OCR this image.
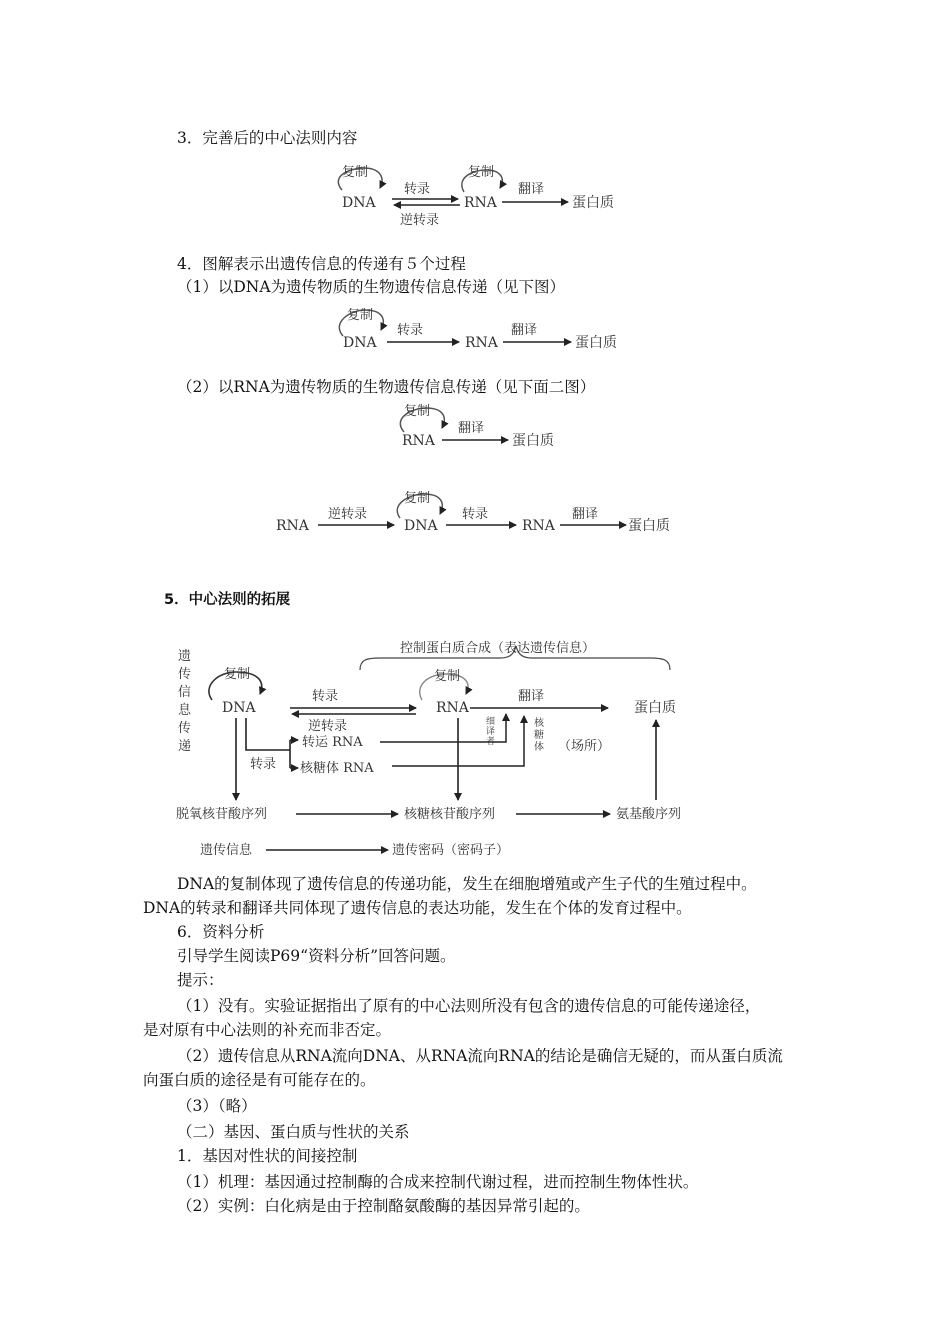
3．完善后的中心法则内容
复制
DNA
转录
逆转录
复制
RNA
翻译
蛋白质
4．图解表示出遗传信息的传递有５个过程
（1）以DNA为遗传物质的生物遗传信息传递（见下图）
复制
DNA
转录
RNA
翻译
蛋白质
（2）以RNA为遗传物质的生物遗传信息传递（见下面二图）
复制
RNA
翻译
蛋白质
RNA
逆转录
复制
DNA
转录
RNA
翻译
蛋白质
5．中心法则的拓展
遗 传 信 息 传 递
控制蛋白质合成（表达遗传信息）
复制
DNA
复制
RNA
转录
逆转录
翻译
蛋白质
细 译 者
核 糖 体 （场所）
转录
转运 RNA
核糖体 RNA
脱氧核苷酸序列	核糖核苷酸序列	氨基酸序列
遗传信息	遗传密码（密码子）
DNA的复制体现了遗传信息的传递功能，发生在细胞增殖或产生子代的生殖过程中。
DNA的转录和翻译共同体现了遗传信息的表达功能，发生在个体的发育过程中。
6．资料分析
引导学生阅读P69“资料分析”回答问题。
提示：
（1）没有。实验证据指出了原有的中心法则所没有包含的遗传信息的可能传递途径，
是对原有中心法则的补充而非否定。
（2）遗传信息从RNA流向DNA、从RNA流向RNA的结论是确信无疑的，而从蛋白质流
向蛋白质的途径是有可能存在的。
（3）（略）
（二）基因、蛋白质与性状的关系
1．基因对性状的间接控制
（1）机理：基因通过控制酶的合成来控制代谢过程，进而控制生物体性状。
（2）实例：白化病是由于控制酪氨酸酶的基因异常引起的。
